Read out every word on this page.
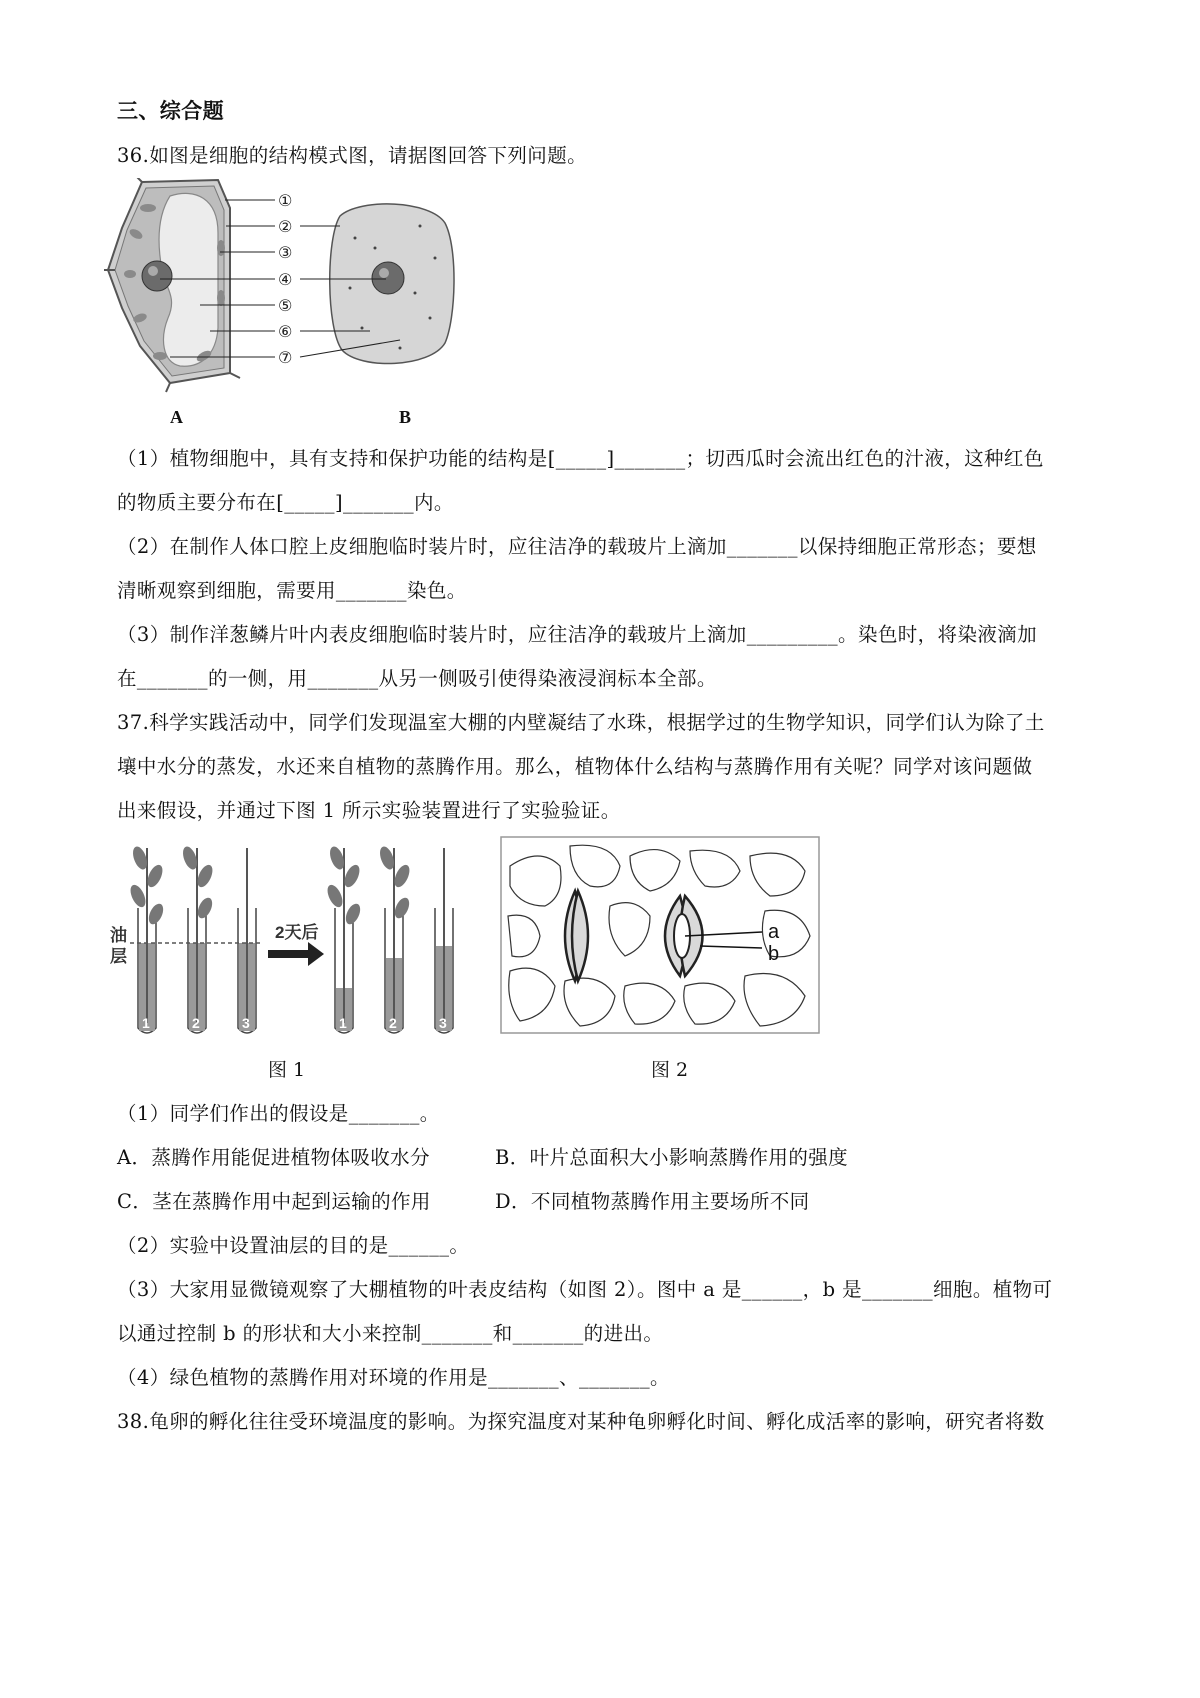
三、综合题
36.如图是细胞的结构模式图，请据图回答下列问题。
①
②
③
④
⑤
⑥
⑦
A	B
（1）植物细胞中，具有支持和保护功能的结构是[_____]_______；切西瓜时会流出红色的汁液，这种红色
的物质主要分布在[_____]_______内。
（2）在制作人体口腔上皮细胞临时装片时，应往洁净的载玻片上滴加_______以保持细胞正常形态；要想
清晰观察到细胞，需要用_______染色。
（3）制作洋葱鳞片叶内表皮细胞临时装片时，应往洁净的载玻片上滴加_________。染色时，将染液滴加
在_______的一侧，用_______从另一侧吸引使得染液浸润标本全部。
37.科学实践活动中，同学们发现温室大棚的内壁凝结了水珠，根据学过的生物学知识，同学们认为除了土
壤中水分的蒸发，水还来自植物的蒸腾作用。那么，植物体什么结构与蒸腾作用有关呢？同学对该问题做
出来假设，并通过下图 1 所示实验装置进行了实验验证。
油
层
2天后
1	2	3	1	2	3
a
b
图 1	图 2
（1）同学们作出的假设是_______。
A．蒸腾作用能促进植物体吸收水分	B．叶片总面积大小影响蒸腾作用的强度
C．茎在蒸腾作用中起到运输的作用	D．不同植物蒸腾作用主要场所不同
（2）实验中设置油层的目的是______。
（3）大家用显微镜观察了大棚植物的叶表皮结构（如图 2）。图中 a 是______，b 是_______细胞。植物可
以通过控制 b 的形状和大小来控制_______和_______的进出。
（4）绿色植物的蒸腾作用对环境的作用是_______、_______。
38.龟卵的孵化往往受环境温度的影响。为探究温度对某种龟卵孵化时间、孵化成活率的影响，研究者将数
